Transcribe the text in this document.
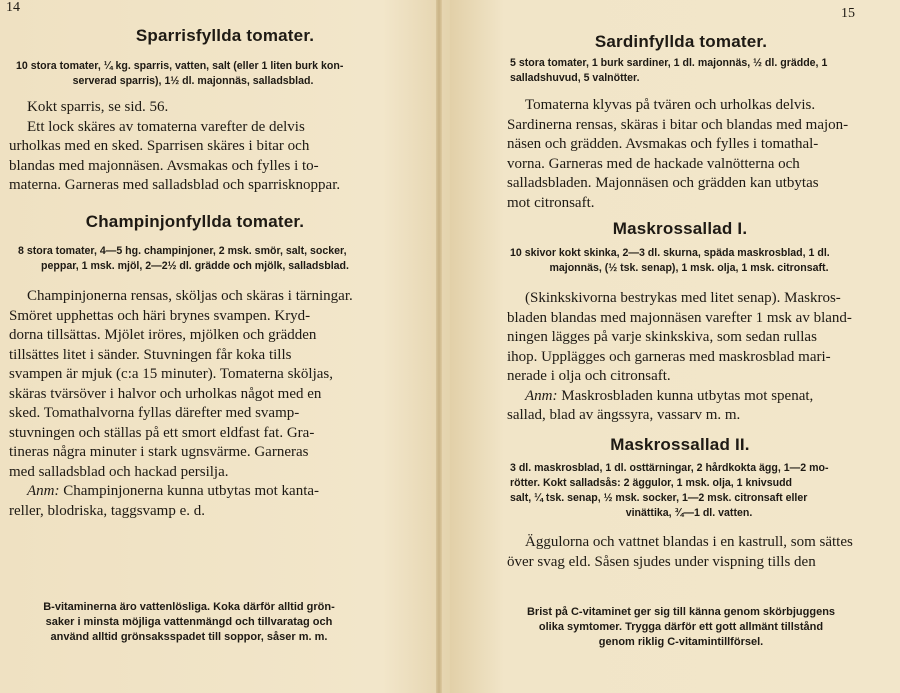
14
Sparrisfyllda tomater.

10 stora tomater, ¼ kg. sparris, vatten, salt (eller 1 liten burk kon-
serverad sparris), 1½ dl. majonnäs, salladsblad.

Kokt sparris, se sid. 56.
Ett lock skäres av tomaterna varefter de delvis
urholkas med en sked. Sparrisen skäres i bitar och
blandas med majonnäsen. Avsmakas och fylles i to-
materna. Garneras med salladsblad och sparrisknoppar.
Champinjonfyllda tomater.

8 stora tomater, 4—5 hg. champinjoner, 2 msk. smör, salt, socker,
peppar, 1 msk. mjöl, 2—2½ dl. grädde och mjölk, salladsblad.

Champinjonerna rensas, sköljas och skäras i tärningar.
Smöret upphettas och häri brynes svampen. Kryd-
dorna tillsättas. Mjölet iröres, mjölken och grädden
tillsättes litet i sänder. Stuvningen får koka tills
svampen är mjuk (c:a 15 minuter). Tomaterna sköljas,
skäras tvärsöver i halvor och urholkas något med en
sked. Tomathalvorna fyllas därefter med svamp-
stuvningen och ställas på ett smort eldfast fat. Gra-
tineras några minuter i stark ugnsvärme. Garneras
med salladsblad och hackad persilja.
Anm: Champinjonerna kunna utbytas mot kanta-
reller, blodriska, taggsvamp e. d.
B-vitaminerna äro vattenlösliga. Koka därför alltid grön-
saker i minsta möjliga vattenmängd och tillvaratag och
använd alltid grönsaksspadet till soppor, såser m. m.
15
Sardinfyllda tomater.

5 stora tomater, 1 burk sardiner, 1 dl. majonnäs, ½ dl. grädde, 1
salladshuvud, 5 valnötter.

Tomaterna klyvas på tvären och urholkas delvis.
Sardinerna rensas, skäras i bitar och blandas med majon-
näsen och grädden. Avsmakas och fylles i tomathal-
vorna. Garneras med de hackade valnötterna och
salladsbladen. Majonnäsen och grädden kan utbytas
mot citronsaft.
Maskrossallad I.

10 skivor kokt skinka, 2—3 dl. skurna, späda maskrosblad, 1 dl.
majonnäs, (½ tsk. senap), 1 msk. olja, 1 msk. citronsaft.

(Skinkskivorna bestrykas med litet senap). Maskros-
bladen blandas med majonnäsen varefter 1 msk av bland-
ningen lägges på varje skinkskiva, som sedan rullas
ihop. Upplägges och garneras med maskrosblad mari-
nerade i olja och citronsaft.
Anm: Maskrosbladen kunna utbytas mot spenat,
sallad, blad av ängssyra, vassarv m. m.
Maskrossallad II.

3 dl. maskrosblad, 1 dl. osttärningar, 2 hårdkokta ägg, 1—2 mo-
rötter. Kokt salladsås: 2 äggulor, 1 msk. olja, 1 knivsudd
salt, ¼ tsk. senap, ½ msk. socker, 1—2 msk. citronsaft eller
vinättika, ¾—1 dl. vatten.

Äggulorna och vattnet blandas i en kastrull, som sättes
över svag eld. Såsen sjudes under vispning tills den
Brist på C-vitaminet ger sig till känna genom skörbjuggens
olika symtomer. Trygga därför ett gott allmänt tillstånd
genom riklig C-vitamintillförsel.
